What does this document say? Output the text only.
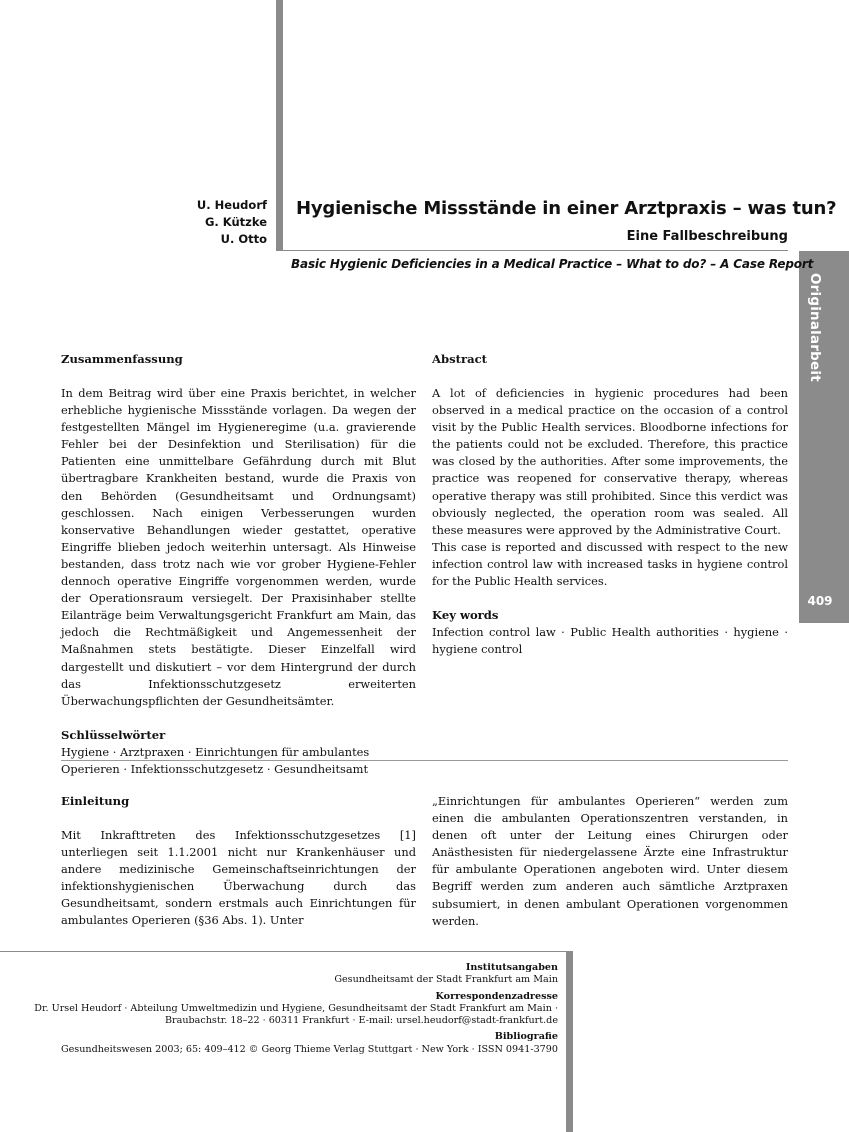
Originalarbeit
409
U. Heudorf
G. Kützke
U. Otto
Hygienische Missstände in einer Arztpraxis – was tun?
Eine Fallbeschreibung
Basic Hygienic Deficiencies in a Medical Practice – What to do? – A Case Report
Zusammenfassung

In dem Beitrag wird über eine Praxis berichtet, in welcher erhebliche hygienische Missstände vorlagen. Da wegen der festgestellten Mängel im Hygieneregime (u.a. gravierende Fehler bei der Desinfektion und Sterilisation) für die Patienten eine unmittelbare Gefährdung durch mit Blut übertragbare Krankheiten bestand, wurde die Praxis von den Behörden (Gesundheitsamt und Ordnungsamt) geschlossen. Nach einigen Verbesserungen wurden konservative Behandlungen wieder gestattet, operative Eingriffe blieben jedoch weiterhin untersagt. Als Hinweise bestanden, dass trotz nach wie vor grober Hygiene-Fehler dennoch operative Eingriffe vorgenommen werden, wurde der Operationsraum versiegelt. Der Praxisinhaber stellte Eilanträge beim Verwaltungsgericht Frankfurt am Main, das jedoch die Rechtmäßigkeit und Angemessenheit der Maßnahmen stets bestätigte. Dieser Einzelfall wird dargestellt und diskutiert – vor dem Hintergrund der durch das Infektionsschutzgesetz erweiterten Überwachungspflichten der Gesundheitsämter.

Schlüsselwörter

Hygiene · Arztpraxen · Einrichtungen für ambulantes Operieren · Infektionsschutzgesetz · Gesundheitsamt

Abstract

A lot of deficiencies in hygienic procedures had been observed in a medical practice on the occasion of a control visit by the Public Health services. Bloodborne infections for the patients could not be excluded. Therefore, this practice was closed by the authorities. After some improvements, the practice was reopened for conservative therapy, whereas operative therapy was still prohibited. Since this verdict was obviously neglected, the operation room was sealed. All these measures were approved by the Administrative Court.

This case is reported and discussed with respect to the new infection control law with increased tasks in hygiene control for the Public Health services.

Key words

Infection control law · Public Health authorities · hygiene · hygiene control

Einleitung

Mit Inkrafttreten des Infektionsschutzgesetzes [1] unterliegen seit 1.1.2001 nicht nur Krankenhäuser und andere medizinische Gemeinschaftseinrichtungen der infektionshygienischen Überwachung durch das Gesundheitsamt, sondern erstmals auch Einrichtungen für ambulantes Operieren (§36 Abs. 1). Unter

„Einrichtungen für ambulantes Operieren“ werden zum einen die ambulanten Operationszentren verstanden, in denen oft unter der Leitung eines Chirurgen oder Anästhesisten für niedergelassene Ärzte eine Infrastruktur für ambulante Operationen angeboten wird. Unter diesem Begriff werden zum anderen auch sämtliche Arztpraxen subsumiert, in denen ambulant Operationen vorgenommen werden.

Institutsangaben
Gesundheitsamt der Stadt Frankfurt am Main
Korrespondenzadresse
Dr. Ursel Heudorf · Abteilung Umweltmedizin und Hygiene, Gesundheitsamt der Stadt Frankfurt am Main ·
Braubachstr. 18–22 · 60311 Frankfurt · E-mail: ursel.heudorf@stadt-frankfurt.de
Bibliografie
Gesundheitswesen 2003; 65: 409–412 © Georg Thieme Verlag Stuttgart · New York · ISSN 0941-3790
